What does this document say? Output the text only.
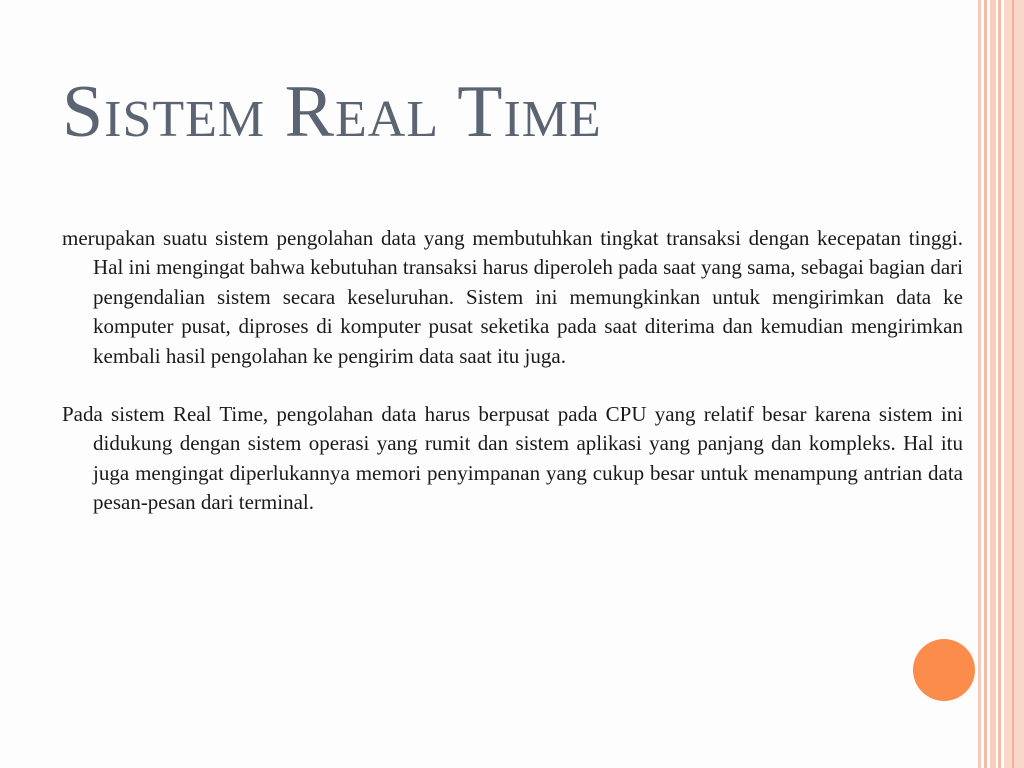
Sistem Real Time

merupakan suatu sistem pengolahan data yang membutuhkan tingkat transaksi dengan kecepatan tinggi. Hal ini mengingat bahwa kebutuhan transaksi harus diperoleh pada saat yang sama, sebagai bagian dari pengendalian sistem secara keseluruhan. Sistem ini memungkinkan untuk mengirimkan data ke komputer pusat, diproses di komputer pusat seketika pada saat diterima dan kemudian mengirimkan kembali hasil pengolahan ke pengirim data saat itu juga.

Pada sistem Real Time, pengolahan data harus berpusat pada CPU yang relatif besar karena sistem ini didukung dengan sistem operasi yang rumit dan sistem aplikasi yang panjang dan kompleks. Hal itu juga mengingat diperlukannya memori penyimpanan yang cukup besar untuk menampung antrian data pesan-pesan dari terminal.
